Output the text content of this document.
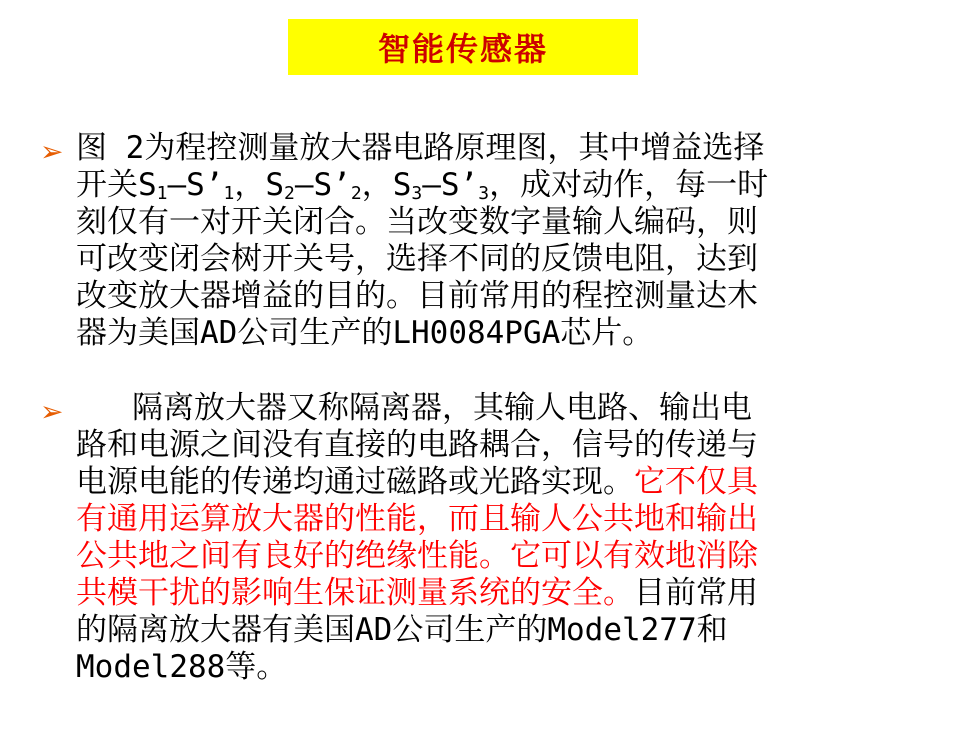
智能传感器
➢ 图 2为程控测量放大器电路原理图，其中增益选择
开关$S_1—S’_1$，$S_2—S’_2$，$S_3—S’_3$，成对动作，每一时
刻仅有一对开关闭合。当改变数字量输人编码，则
可改变闭会树开关号，选择不同的反馈电阻，达到
改变放大器增益的目的。目前常用的程控测量达木
器为美国AD公司生产的LH0084PGA芯片。
➢ 隔离放大器又称隔离器，其输人电路、输出电
路和电源之间没有直接的电路耦合，信号的传递与
电源电能的传递均通过磁路或光路实现。它不仅具
有通用运算放大器的性能，而且输人公共地和输出
公共地之间有良好的绝缘性能。它可以有效地消除
共模干扰的影响生保证测量系统的安全。目前常用
的隔离放大器有美国AD公司生产的Model277和
Model288等。
